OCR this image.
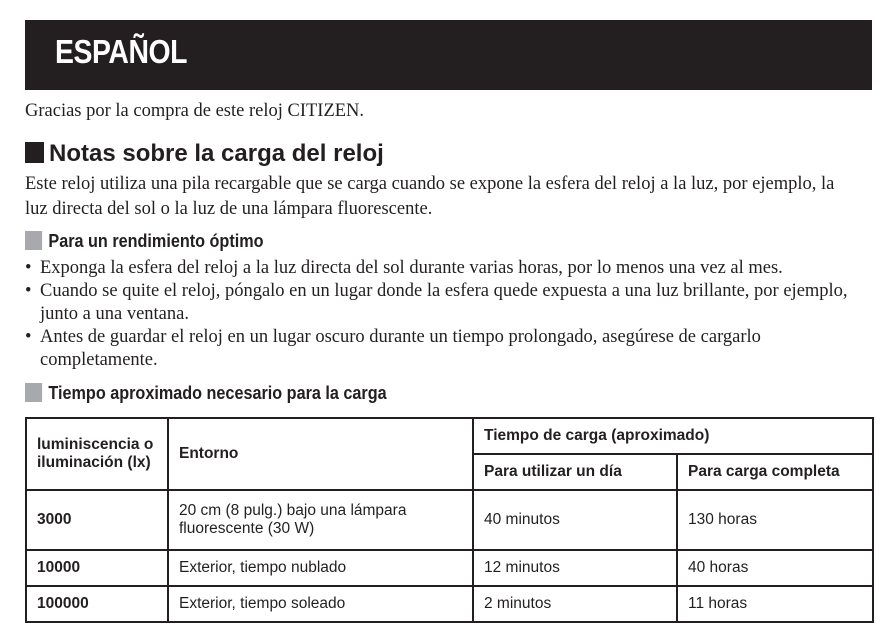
ESPAÑOL
Gracias por la compra de este reloj CITIZEN.
Notas sobre la carga del reloj
Este reloj utiliza una pila recargable que se carga cuando se expone la esfera del reloj a la luz, por ejemplo, la luz directa del sol o la luz de una lámpara fluorescente.
Para un rendimiento óptimo
• Exponga la esfera del reloj a la luz directa del sol durante varias horas, por lo menos una vez al mes.
• Cuando se quite el reloj, póngalo en un lugar donde la esfera quede expuesta a una luz brillante, por ejemplo, junto a una ventana.
• Antes de guardar el reloj en un lugar oscuro durante un tiempo prolongado, asegúrese de cargarlo completamente.
Tiempo aproximado necesario para la carga
luminiscencia o iluminación (lx)	Entorno	Tiempo de carga (aproximado)	
		Para utilizar un día	Para carga completa
3000	20 cm (8 pulg.) bajo una lámpara fluorescente (30 W)	40 minutos	130 horas
10000	Exterior, tiempo nublado	12 minutos	40 horas
100000	Exterior, tiempo soleado	2 minutos	11 horas
